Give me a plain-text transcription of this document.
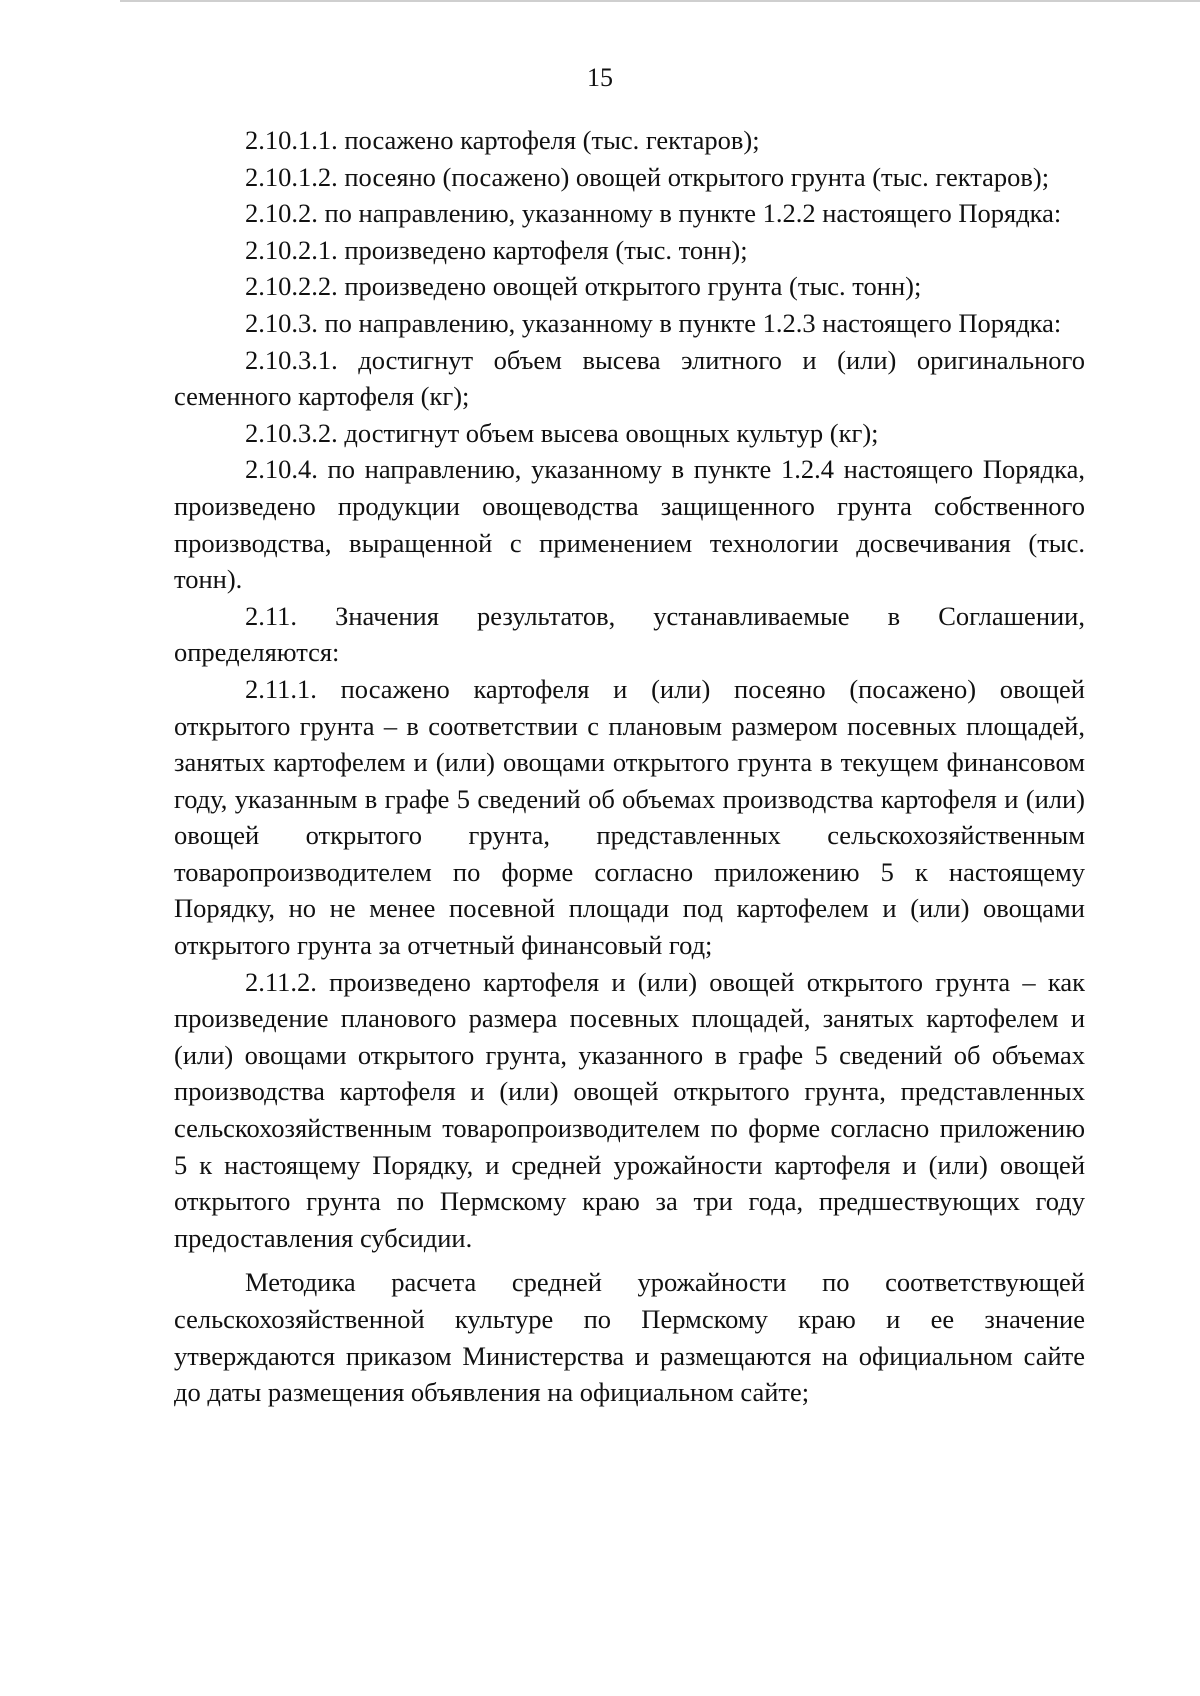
15

2.10.1.1. посажено картофеля (тыс. гектаров);

2.10.1.2. посеяно (посажено) овощей открытого грунта (тыс. гектаров);

2.10.2. по направлению, указанному в пункте 1.2.2 настоящего Порядка:

2.10.2.1. произведено картофеля (тыс. тонн);

2.10.2.2. произведено овощей открытого грунта (тыс. тонн);

2.10.3. по направлению, указанному в пункте 1.2.3 настоящего Порядка:

2.10.3.1. достигнут объем высева элитного и (или) оригинального семенного картофеля (кг);

2.10.3.2. достигнут объем высева овощных культур (кг);

2.10.4. по направлению, указанному в пункте 1.2.4 настоящего Порядка, произведено продукции овощеводства защищенного грунта собственного производства, выращенной с применением технологии досвечивания (тыс. тонн).

2.11. Значения результатов, устанавливаемые в Соглашении, определяются:

2.11.1. посажено картофеля и (или) посеяно (посажено) овощей открытого грунта – в соответствии с плановым размером посевных площадей, занятых картофелем и (или) овощами открытого грунта в текущем финансовом году, указанным в графе 5 сведений об объемах производства картофеля и (или) овощей открытого грунта, представленных сельскохозяйственным товаропроизводителем по форме согласно приложению 5 к настоящему Порядку, но не менее посевной площади под картофелем и (или) овощами открытого грунта за отчетный финансовый год;

2.11.2. произведено картофеля и (или) овощей открытого грунта – как произведение планового размера посевных площадей, занятых картофелем и (или) овощами открытого грунта, указанного в графе 5 сведений об объемах производства картофеля и (или) овощей открытого грунта, представленных сельскохозяйственным товаропроизводителем по форме согласно приложению 5 к настоящему Порядку, и средней урожайности картофеля и (или) овощей открытого грунта по Пермскому краю за три года, предшествующих году предоставления субсидии.

Методика расчета средней урожайности по соответствующей сельскохозяйственной культуре по Пермскому краю и ее значение утверждаются приказом Министерства и размещаются на официальном сайте до даты размещения объявления на официальном сайте;
